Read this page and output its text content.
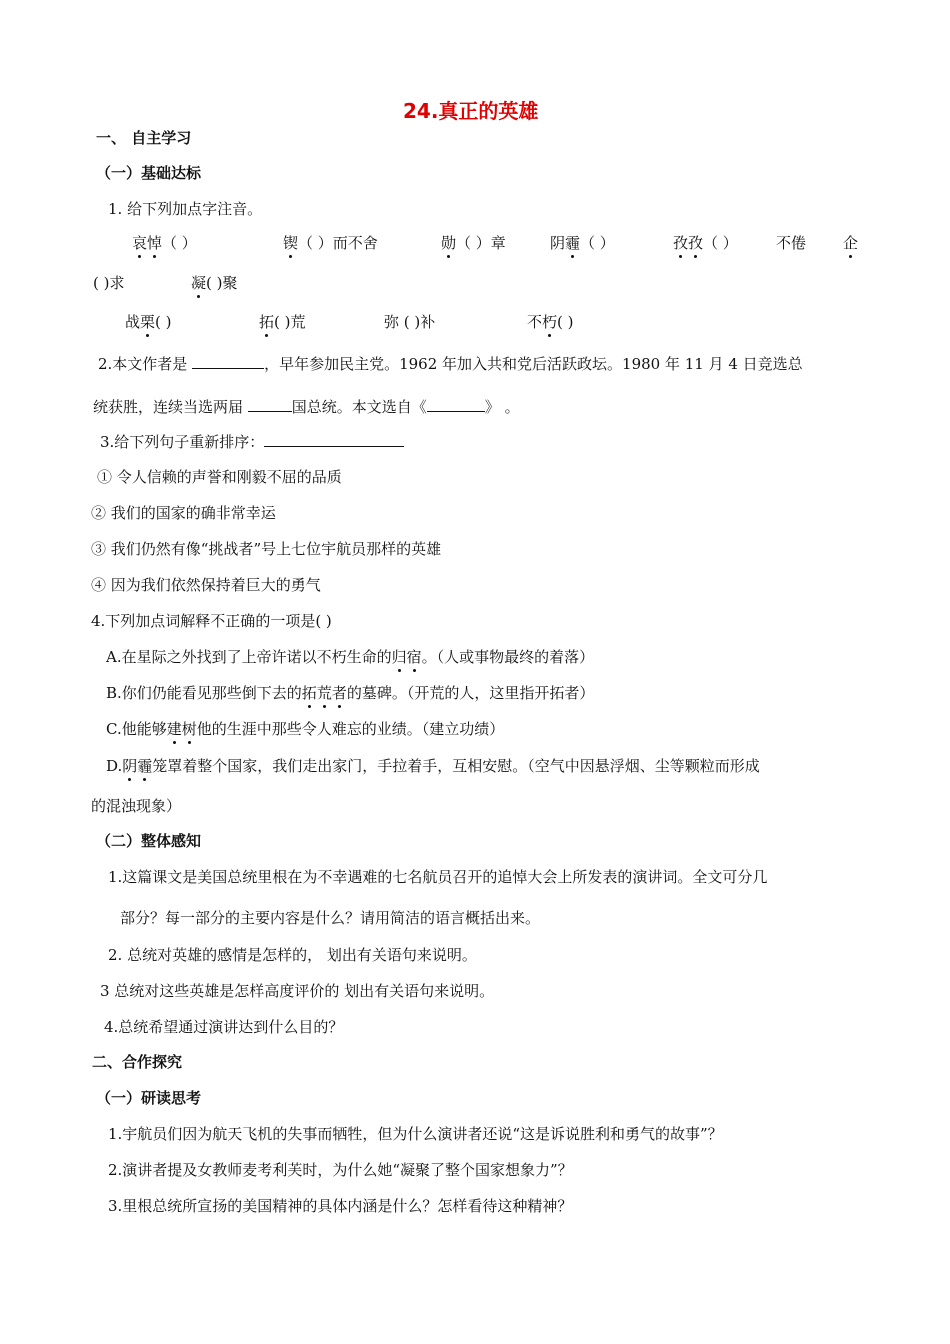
24.真正的英雄
一、 自主学习
（一）基础达标
1. 给下列加点字注音。
哀悼（ ）	锲（ ）而不舍	勋（ ）章	阴霾（ ）	孜孜（ ）	不倦 企
( )求	凝( )聚
战栗( )	拓( )荒	弥 ( )补	不朽( )
2.本文作者是	，早年参加民主党。1962 年加入共和党后活跃政坛。1980 年 11 月 4 日竞选总
统获胜，连续当选两届	国总统。本文选自《	》 。
3.给下列句子重新排序：
① 令人信赖的声誉和刚毅不屈的品质
② 我们的国家的确非常幸运
③ 我们仍然有像“挑战者”号上七位宇航员那样的英雄
④ 因为我们依然保持着巨大的勇气
4.下列加点词解释不正确的一项是( )
A.在星际之外找到了上帝许诺以不朽生命的归宿。（人或事物最终的着落）
B.你们仍能看见那些倒下去的拓荒者的墓碑。（开荒的人，这里指开拓者）
C.他能够建树他的生涯中那些令人难忘的业绩。（建立功绩）
D.阴霾笼罩着整个国家，我们走出家门，手拉着手，互相安慰。（空气中因悬浮烟、尘等颗粒而形成
的混浊现象）
（二）整体感知
1.这篇课文是美国总统里根在为不幸遇难的七名航员召开的追悼大会上所发表的演讲词。全文可分几
部分？每一部分的主要内容是什么？请用简洁的语言概括出来。
2. 总统对英雄的感情是怎样的， 划出有关语句来说明。
3 总统对这些英雄是怎样高度评价的 划出有关语句来说明。
4.总统希望通过演讲达到什么目的？
二、合作探究
（一）研读思考
1.宇航员们因为航天飞机的失事而牺牲，但为什么演讲者还说“这是诉说胜利和勇气的故事”？
2.演讲者提及女教师麦考利芙时，为什么她“凝聚了整个国家想象力”？
3.里根总统所宣扬的美国精神的具体内涵是什么？怎样看待这种精神？
